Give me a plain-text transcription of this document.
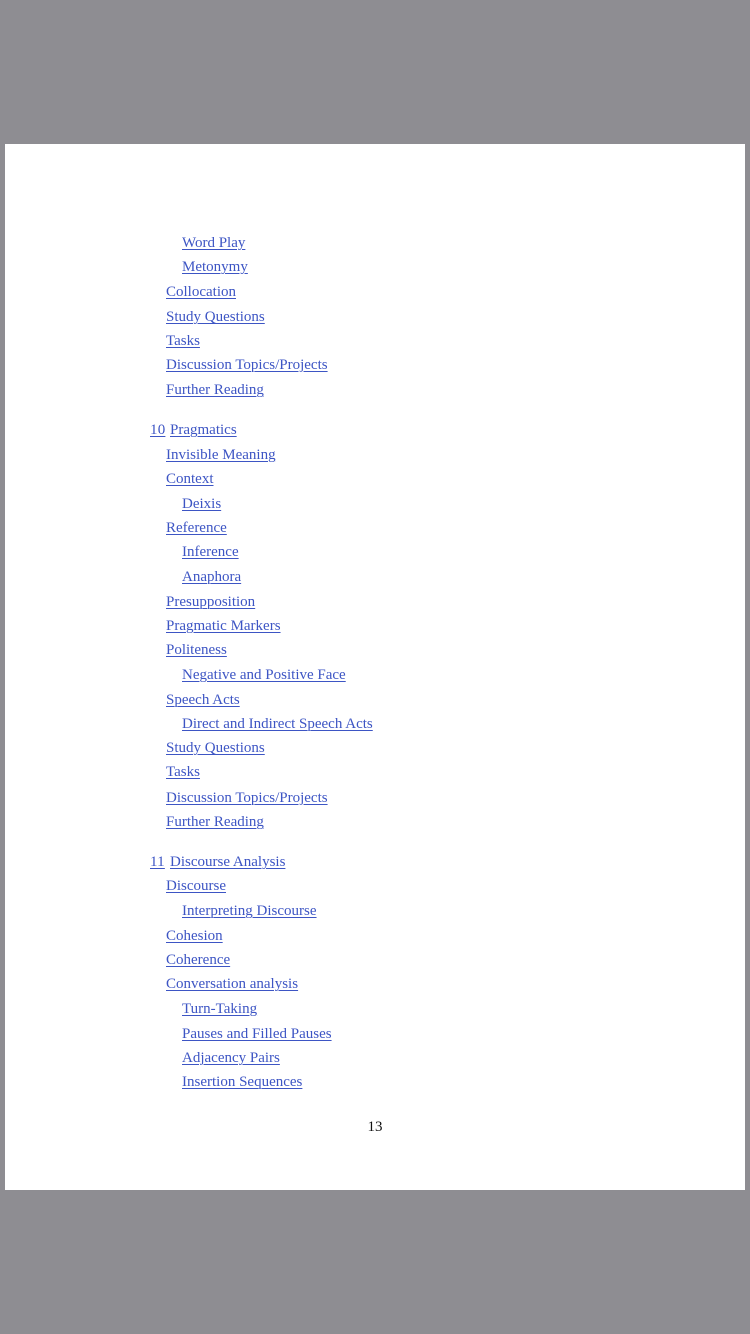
Word Play
Metonymy
Collocation
Study Questions
Tasks
Discussion Topics/Projects
Further Reading
10 Pragmatics
Invisible Meaning
Context
Deixis
Reference
Inference
Anaphora
Presupposition
Pragmatic Markers
Politeness
Negative and Positive Face
Speech Acts
Direct and Indirect Speech Acts
Study Questions
Tasks
Discussion Topics/Projects
Further Reading
11 Discourse Analysis
Discourse
Interpreting Discourse
Cohesion
Coherence
Conversation analysis
Turn-Taking
Pauses and Filled Pauses
Adjacency Pairs
Insertion Sequences
13
